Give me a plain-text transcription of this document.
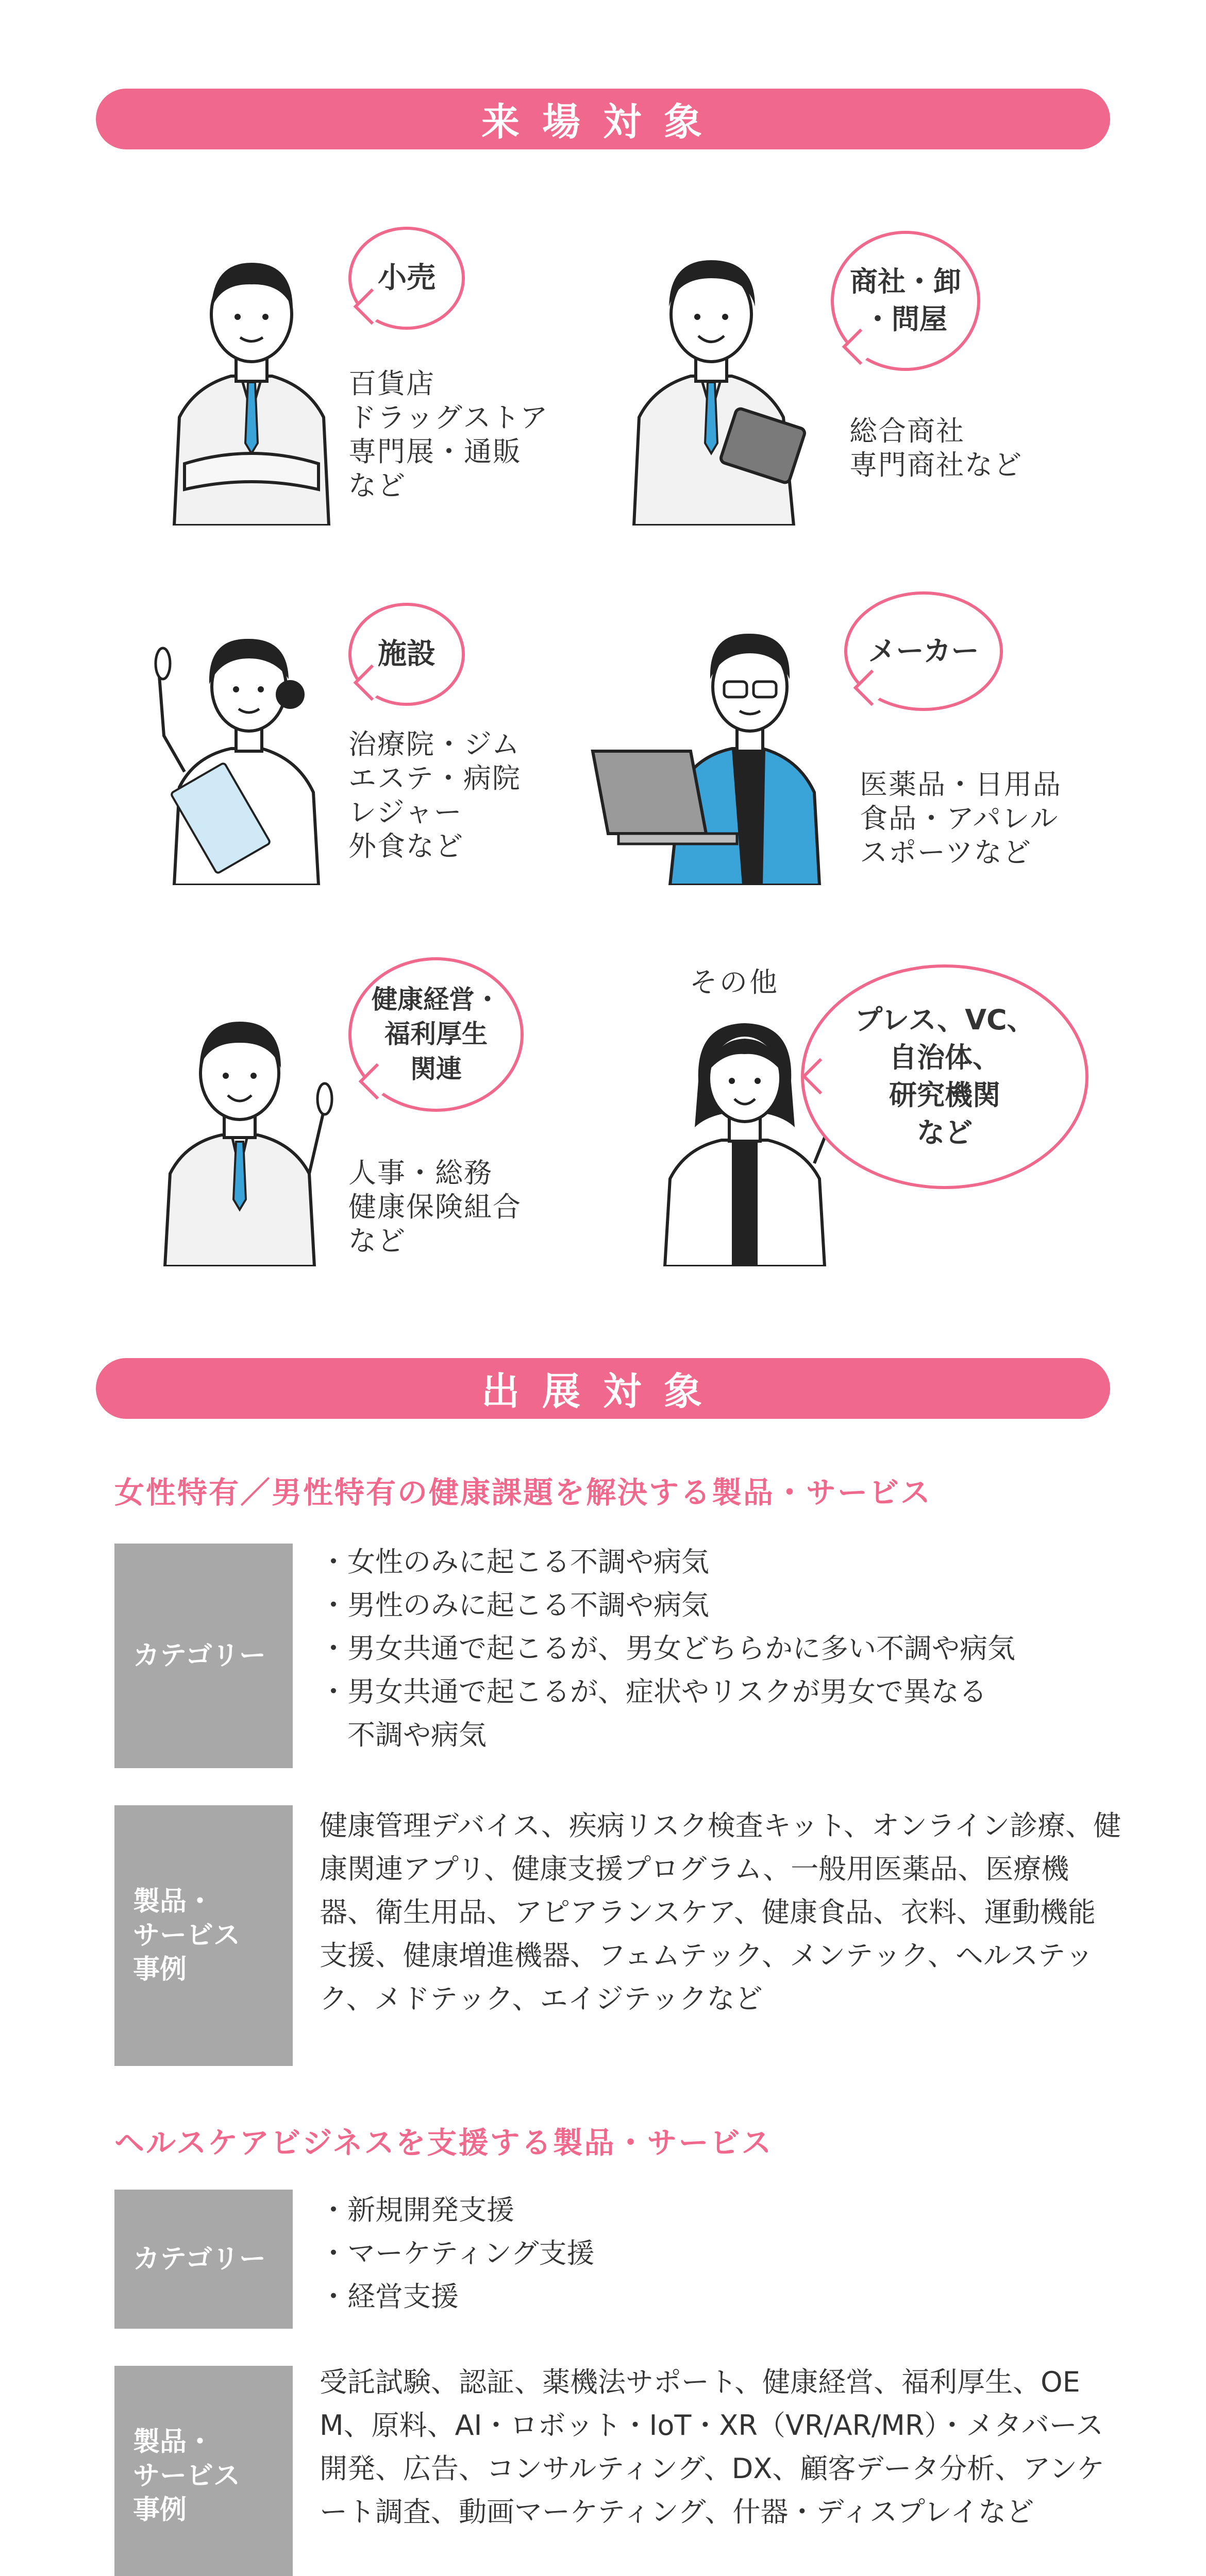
来場対象
小売
百貨店
ドラッグストア
専門展・通販
など
商社・卸
・問屋
総合商社
専門商社など
施設
治療院・ジム
エステ・病院
レジャー
外食など
メーカー
医薬品・日用品
食品・アパレル
スポーツなど
健康経営・
福利厚生
関連
人事・総務
健康保険組合
など
その他
プレス、VC、
自治体、
研究機関
など
出展対象
女性特有／男性特有の健康課題を解決する製品・サービス
カテゴリー
・ 女性のみに起こる不調や病気
・ 男性のみに起こる不調や病気
・ 男女共通で起こるが、男女どちらかに多い不調や病気
・ 男女共通で起こるが、症状やリスクが男女で異なる
不調や病気
製品・
サービス
事例
健康管理デバイス、疾病リスク検査キット、オンライン診療、健康関連アプリ、健康支援プログラム、一般用医薬品、医療機器、衛生用品、アピアランスケア、健康食品、衣料、運動機能支援、健康増進機器、フェムテック、メンテック、ヘルステック、メドテック、エイジテックなど
ヘルスケアビジネスを支援する製品・サービス
カテゴリー
・ 新規開発支援
・ マーケティング支援
・ 経営支援
製品・
サービス
事例
受託試験、認証、薬機法サポート、健康経営、福利厚生、OEM、原料、AI・ロボット・IoT・XR（VR/AR/MR）・メタバース開発、広告、コンサルティング、DX、顧客データ分析、アンケート調査、動画マーケティング、什器・ディスプレイなど
